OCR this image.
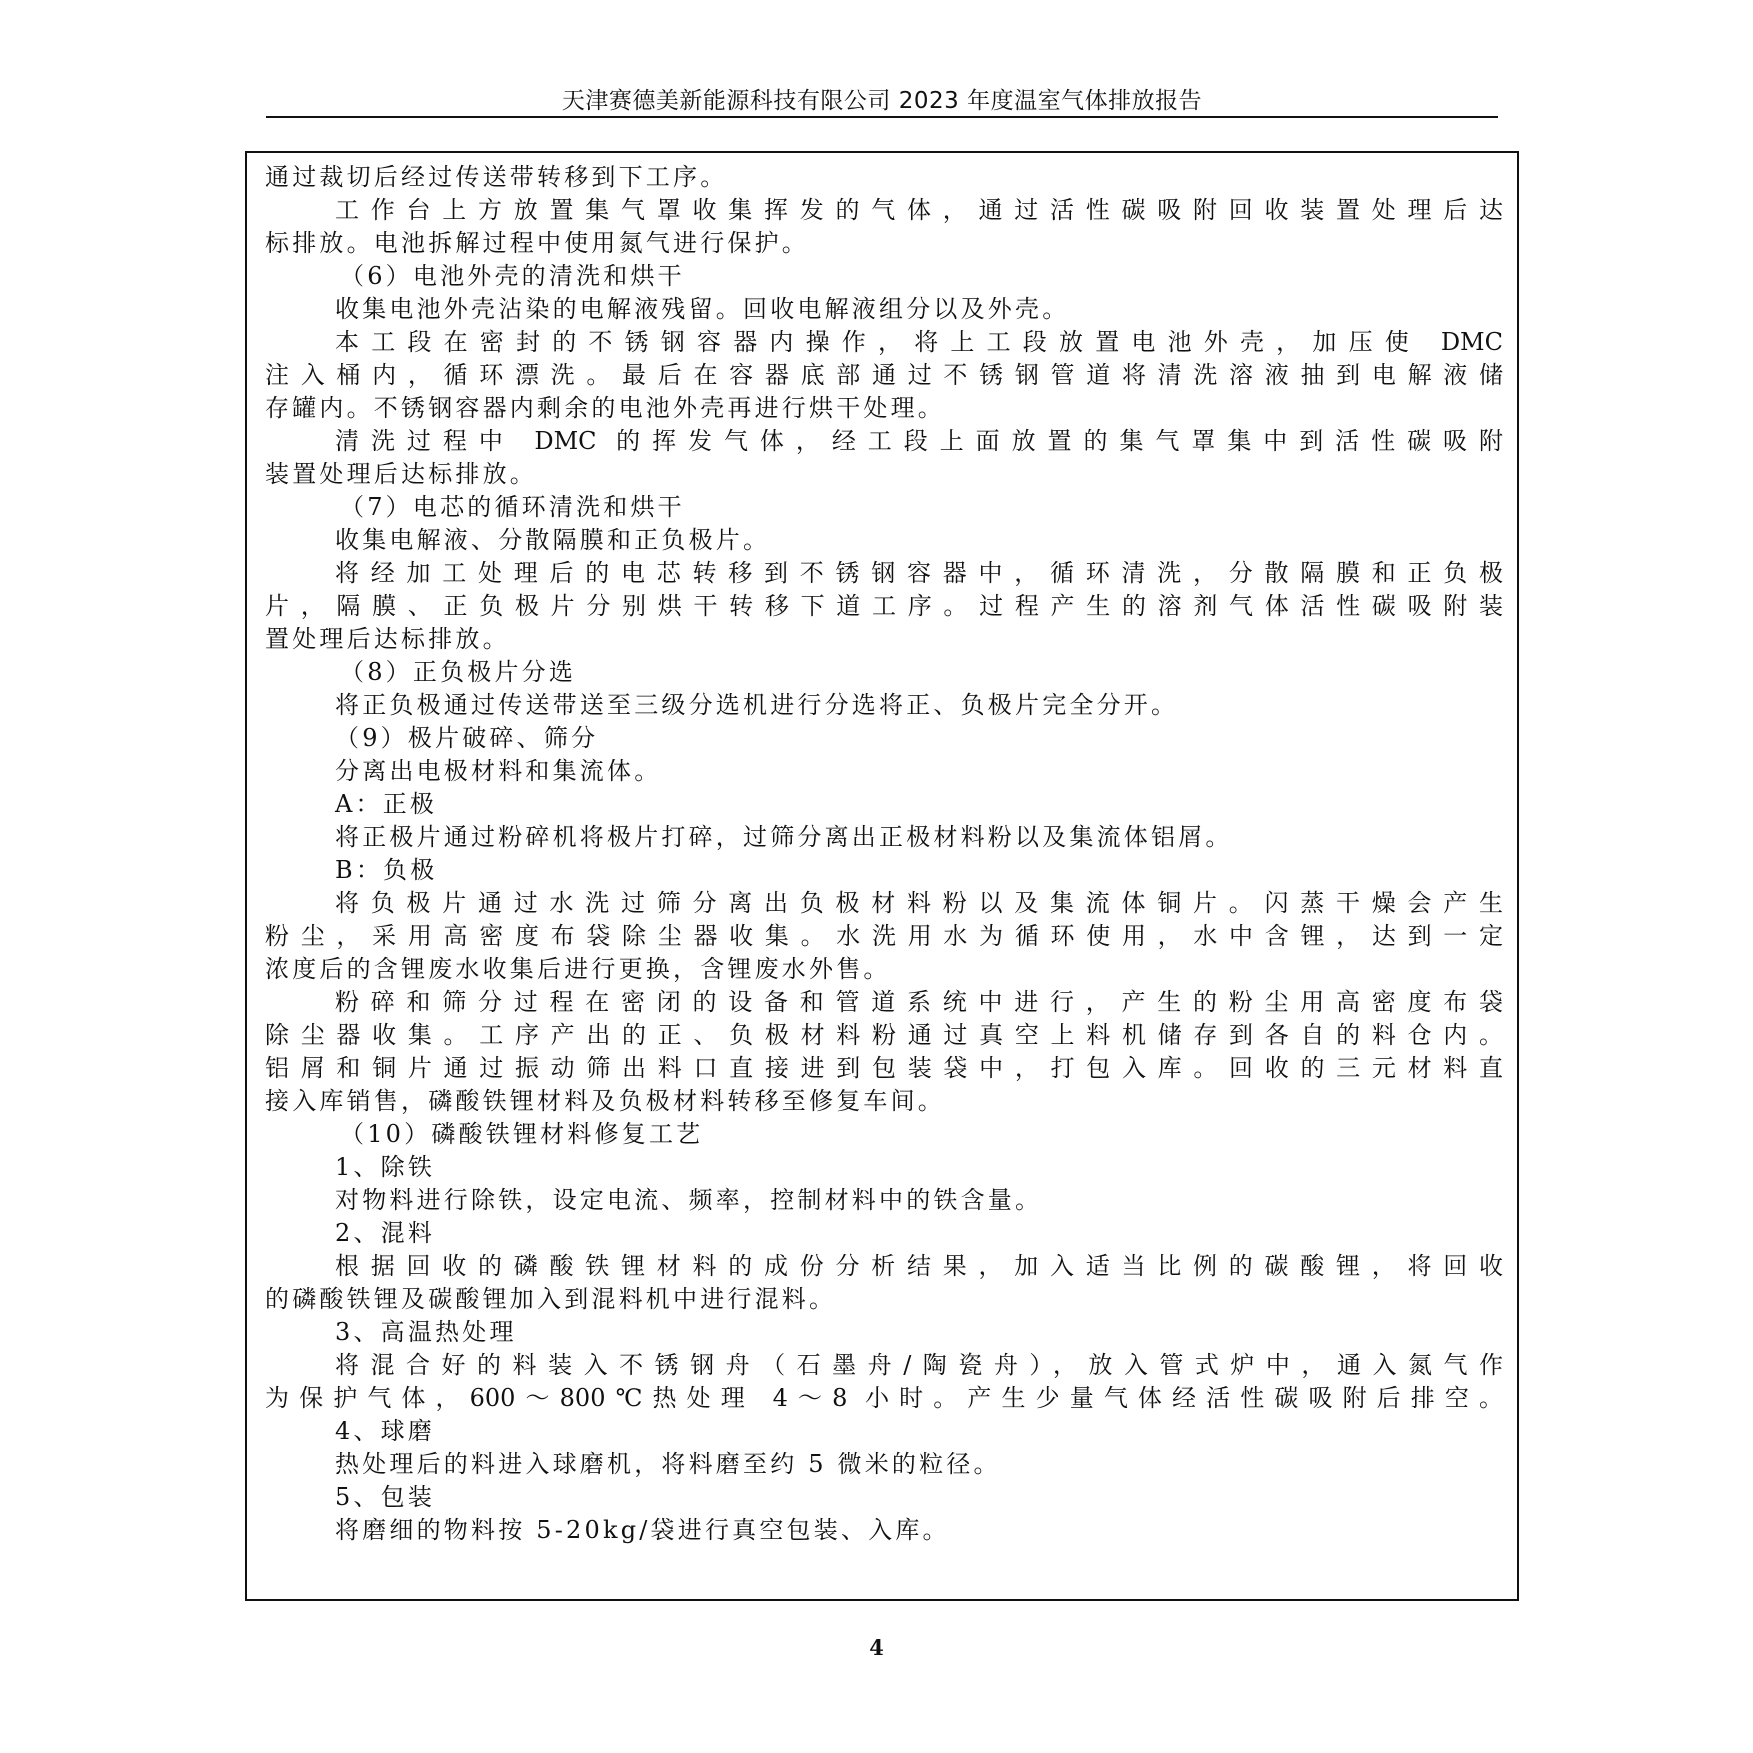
天津赛德美新能源科技有限公司 2023 年度温室气体排放报告
通过裁切后经过传送带转移到下工序。
工作台上方放置集气罩收集挥发的气体，通过活性碳吸附回收装置处理后达
标排放。电池拆解过程中使用氮气进行保护。
（6）电池外壳的清洗和烘干
收集电池外壳沾染的电解液残留。回收电解液组分以及外壳。
本工段在密封的不锈钢容器内操作，将上工段放置电池外壳，加压使 DMC
注入桶内，循环漂洗。最后在容器底部通过不锈钢管道将清洗溶液抽到电解液储
存罐内。不锈钢容器内剩余的电池外壳再进行烘干处理。
清洗过程中 DMC 的挥发气体，经工段上面放置的集气罩集中到活性碳吸附
装置处理后达标排放。
（7）电芯的循环清洗和烘干
收集电解液、分散隔膜和正负极片。
将经加工处理后的电芯转移到不锈钢容器中，循环清洗，分散隔膜和正负极
片，隔膜、正负极片分别烘干转移下道工序。过程产生的溶剂气体活性碳吸附装
置处理后达标排放。
（8）正负极片分选
将正负极通过传送带送至三级分选机进行分选将正、负极片完全分开。
（9）极片破碎、筛分
分离出电极材料和集流体。
A：正极
将正极片通过粉碎机将极片打碎，过筛分离出正极材料粉以及集流体铝屑。
B：负极
将负极片通过水洗过筛分离出负极材料粉以及集流体铜片。闪蒸干燥会产生
粉尘，采用高密度布袋除尘器收集。水洗用水为循环使用，水中含锂，达到一定
浓度后的含锂废水收集后进行更换，含锂废水外售。
粉碎和筛分过程在密闭的设备和管道系统中进行，产生的粉尘用高密度布袋
除尘器收集。工序产出的正、负极材料粉通过真空上料机储存到各自的料仓内。
铝屑和铜片通过振动筛出料口直接进到包装袋中，打包入库。回收的三元材料直
接入库销售，磷酸铁锂材料及负极材料转移至修复车间。
（10）磷酸铁锂材料修复工艺
1、除铁
对物料进行除铁，设定电流、频率，控制材料中的铁含量。
2、混料
根据回收的磷酸铁锂材料的成份分析结果，加入适当比例的碳酸锂，将回收
的磷酸铁锂及碳酸锂加入到混料机中进行混料。
3、高温热处理
将混合好的料装入不锈钢舟（石墨舟/陶瓷舟），放入管式炉中，通入氮气作
为保护气体，600～800℃热处理 4～8 小时。产生少量气体经活性碳吸附后排空。
4、球磨
热处理后的料进入球磨机，将料磨至约 5 微米的粒径。
5、包装
将磨细的物料按 5-20kg/袋进行真空包装、入库。
4
